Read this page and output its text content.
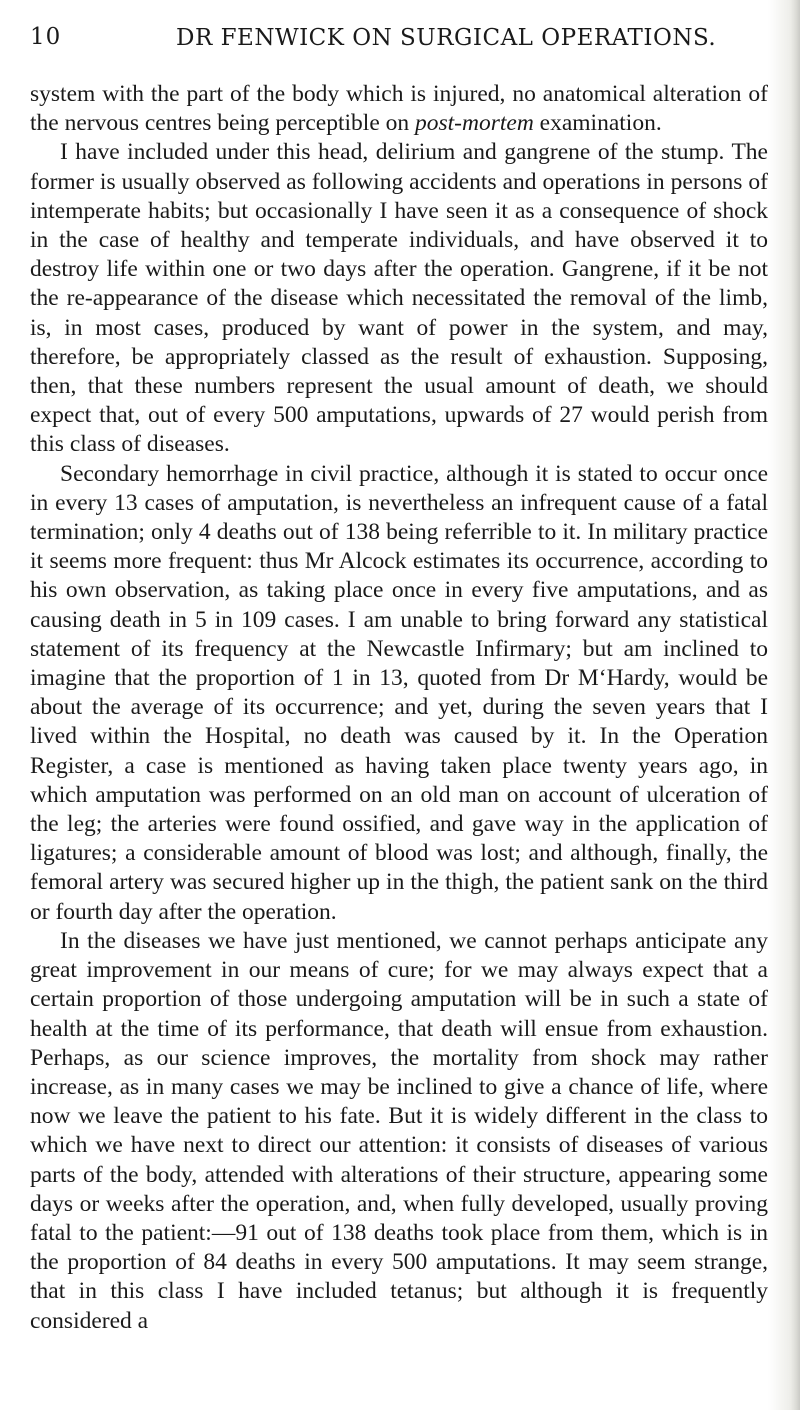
10	DR FENWICK ON SURGICAL OPERATIONS.

system with the part of the body which is injured, no anatomical alteration of the nervous centres being perceptible on post-mortem examination.

I have included under this head, delirium and gangrene of the stump. The former is usually observed as following accidents and operations in persons of intemperate habits; but occasionally I have seen it as a consequence of shock in the case of healthy and temperate individuals, and have observed it to destroy life within one or two days after the operation. Gangrene, if it be not the re-appearance of the disease which necessitated the removal of the limb, is, in most cases, produced by want of power in the system, and may, therefore, be appropriately classed as the result of exhaustion. Supposing, then, that these numbers represent the usual amount of death, we should expect that, out of every 500 amputations, upwards of 27 would perish from this class of diseases.

Secondary hemorrhage in civil practice, although it is stated to occur once in every 13 cases of amputation, is nevertheless an infrequent cause of a fatal termination; only 4 deaths out of 138 being referrible to it. In military practice it seems more frequent: thus Mr Alcock estimates its occurrence, according to his own observation, as taking place once in every five amputations, and as causing death in 5 in 109 cases. I am unable to bring forward any statistical statement of its frequency at the Newcastle Infirmary; but am inclined to imagine that the proportion of 1 in 13, quoted from Dr M‘Hardy, would be about the average of its occurrence; and yet, during the seven years that I lived within the Hospital, no death was caused by it. In the Operation Register, a case is mentioned as having taken place twenty years ago, in which amputation was performed on an old man on account of ulceration of the leg; the arteries were found ossified, and gave way in the application of ligatures; a considerable amount of blood was lost; and although, finally, the femoral artery was secured higher up in the thigh, the patient sank on the third or fourth day after the operation.

In the diseases we have just mentioned, we cannot perhaps anticipate any great improvement in our means of cure; for we may always expect that a certain proportion of those undergoing amputation will be in such a state of health at the time of its performance, that death will ensue from exhaustion. Perhaps, as our science improves, the mortality from shock may rather increase, as in many cases we may be inclined to give a chance of life, where now we leave the patient to his fate. But it is widely different in the class to which we have next to direct our attention: it consists of diseases of various parts of the body, attended with alterations of their structure, appearing some days or weeks after the operation, and, when fully developed, usually proving fatal to the patient:—91 out of 138 deaths took place from them, which is in the proportion of 84 deaths in every 500 amputations. It may seem strange, that in this class I have included tetanus; but although it is frequently considered a
